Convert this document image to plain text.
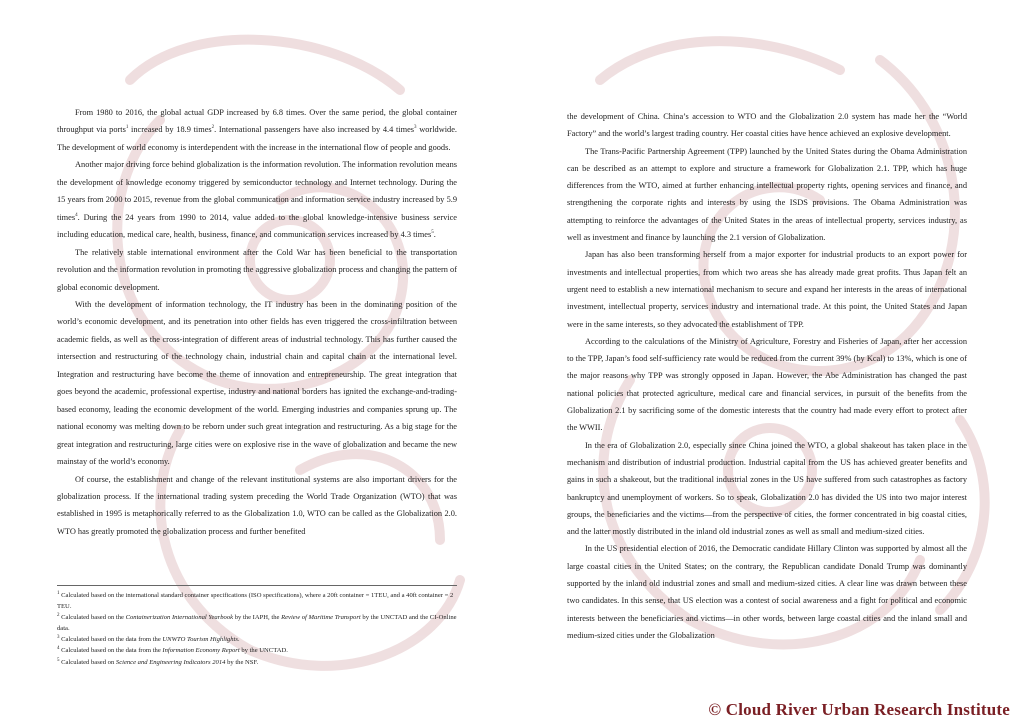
From 1980 to 2016, the global actual GDP increased by 6.8 times. Over the same period, the global container throughput via ports$^1$ increased by 18.9 times$^2$. International passengers have also increased by 4.4 times$^3$ worldwide. The development of world economy is interdependent with the increase in the international flow of people and goods.

Another major driving force behind globalization is the information revolution. The information revolution means the development of knowledge economy triggered by semiconductor technology and Internet technology. During the 15 years from 2000 to 2015, revenue from the global communication and information service industry increased by 5.9 times$^4$. During the 24 years from 1990 to 2014, value added to the global knowledge-intensive business service including education, medical care, health, business, finance, and communication services increased by 4.3 times$^5$.

The relatively stable international environment after the Cold War has been beneficial to the transportation revolution and the information revolution in promoting the aggressive globalization process and changing the pattern of global economic development.

With the development of information technology, the IT industry has been in the dominating position of the world’s economic development, and its penetration into other fields has even triggered the cross-infiltration between academic fields, as well as the cross-integration of different areas of industrial technology. This has further caused the intersection and restructuring of the technology chain, industrial chain and capital chain at the international level. Integration and restructuring have become the theme of innovation and entrepreneurship. The great integration that goes beyond the academic, professional expertise, industry and national borders has ignited the exchange-and-trading-based economy, leading the economic development of the world. Emerging industries and companies sprung up. The national economy was melting down to be reborn under such great integration and restructuring. As a big stage for the great integration and restructuring, large cities were on explosive rise in the wave of globalization and became the new mainstay of the world’s economy.

Of course, the establishment and change of the relevant institutional systems are also important drivers for the globalization process. If the international trading system preceding the World Trade Organization (WTO) that was established in 1995 is metaphorically referred to as the Globalization 1.0, WTO can be called as the Globalization 2.0. WTO has greatly promoted the globalization process and further benefited

$^1$ Calculated based on the international standard container specifications (ISO specifications), where a 20ft container = 1TEU, and a 40ft container = 2 TEU.

$^2$ Calculated based on the Containerization International Yearbook by the IAPH, the Review of Maritime Transport by the UNCTAD and the CI-Online data.

$^3$ Calculated based on the data from the UNWTO Tourism Highlights.

$^4$ Calculated based on the data from the Information Economy Report by the UNCTAD.

$^5$ Calculated based on Science and Engineering Indicators 2014 by the NSF.

the development of China. China’s accession to WTO and the Globalization 2.0 system has made her the “World Factory” and the world’s largest trading country. Her coastal cities have hence achieved an explosive development.

The Trans-Pacific Partnership Agreement (TPP) launched by the United States during the Obama Administration can be described as an attempt to explore and structure a framework for Globalization 2.1. TPP, which has huge differences from the WTO, aimed at further enhancing intellectual property rights, opening services and finance, and strengthening the corporate rights and interests by using the ISDS provisions. The Obama Administration was attempting to reinforce the advantages of the United States in the areas of intellectual property, services industry, as well as investment and finance by launching the 2.1 version of Globalization.

Japan has also been transforming herself from a major exporter for industrial products to an export power for investments and intellectual properties, from which two areas she has already made great profits. Thus Japan felt an urgent need to establish a new international mechanism to secure and expand her interests in the areas of international investment, intellectual property, services industry and international trade. At this point, the United States and Japan were in the same interests, so they advocated the establishment of TPP.

According to the calculations of the Ministry of Agriculture, Forestry and Fisheries of Japan, after her accession to the TPP, Japan’s food self-sufficiency rate would be reduced from the current 39% (by Kcal) to 13%, which is one of the major reasons why TPP was strongly opposed in Japan. However, the Abe Administration has changed the past national policies that protected agriculture, medical care and financial services, in pursuit of the benefits from the Globalization 2.1 by sacrificing some of the domestic interests that the country had made every effort to protect after the WWII.

In the era of Globalization 2.0, especially since China joined the WTO, a global shakeout has taken place in the mechanism and distribution of industrial production. Industrial capital from the US has achieved greater benefits and gains in such a shakeout, but the traditional industrial zones in the US have suffered from such catastrophes as factory bankruptcy and unemployment of workers. So to speak, Globalization 2.0 has divided the US into two major interest groups, the beneficiaries and the victims—from the perspective of cities, the former concentrated in big coastal cities, and the latter mostly distributed in the inland old industrial zones as well as small and medium-sized cities.

In the US presidential election of 2016, the Democratic candidate Hillary Clinton was supported by almost all the large coastal cities in the United States; on the contrary, the Republican candidate Donald Trump was dominantly supported by the inland old industrial zones and small and medium-sized cities. A clear line was drawn between these two candidates. In this sense, that US election was a contest of social awareness and a fight for political and economic interests between the beneficiaries and victims—in other words, between large coastal cities and the inland small and medium-sized cities under the Globalization

© Cloud River Urban Research Institute
